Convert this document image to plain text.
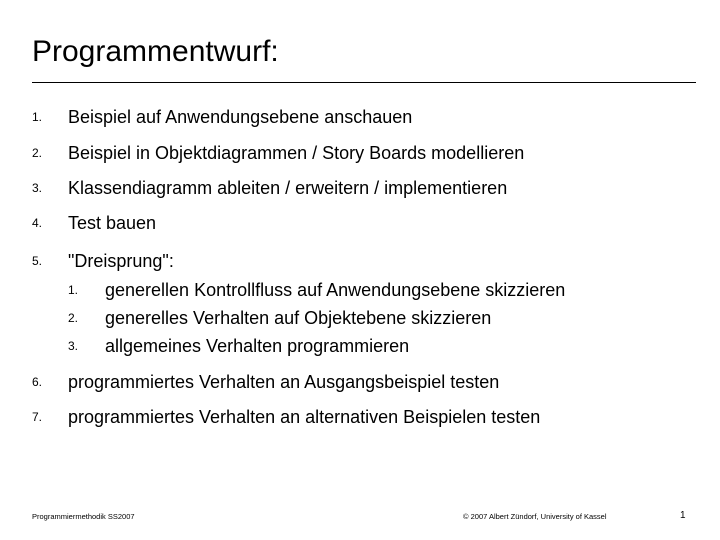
Programmentwurf:
1. Beispiel auf Anwendungsebene anschauen
2. Beispiel in Objektdiagrammen / Story Boards modellieren
3. Klassendiagramm ableiten / erweitern / implementieren
4. Test bauen
5. "Dreisprung":
1. generellen Kontrollfluss auf Anwendungsebene skizzieren
2. generelles Verhalten auf Objektebene skizzieren
3. allgemeines Verhalten programmieren
6. programmiertes Verhalten an Ausgangsbeispiel testen
7. programmiertes Verhalten an alternativen Beispielen testen
Programmiermethodik SS2007	© 2007 Albert Zündorf, University of Kassel	1
